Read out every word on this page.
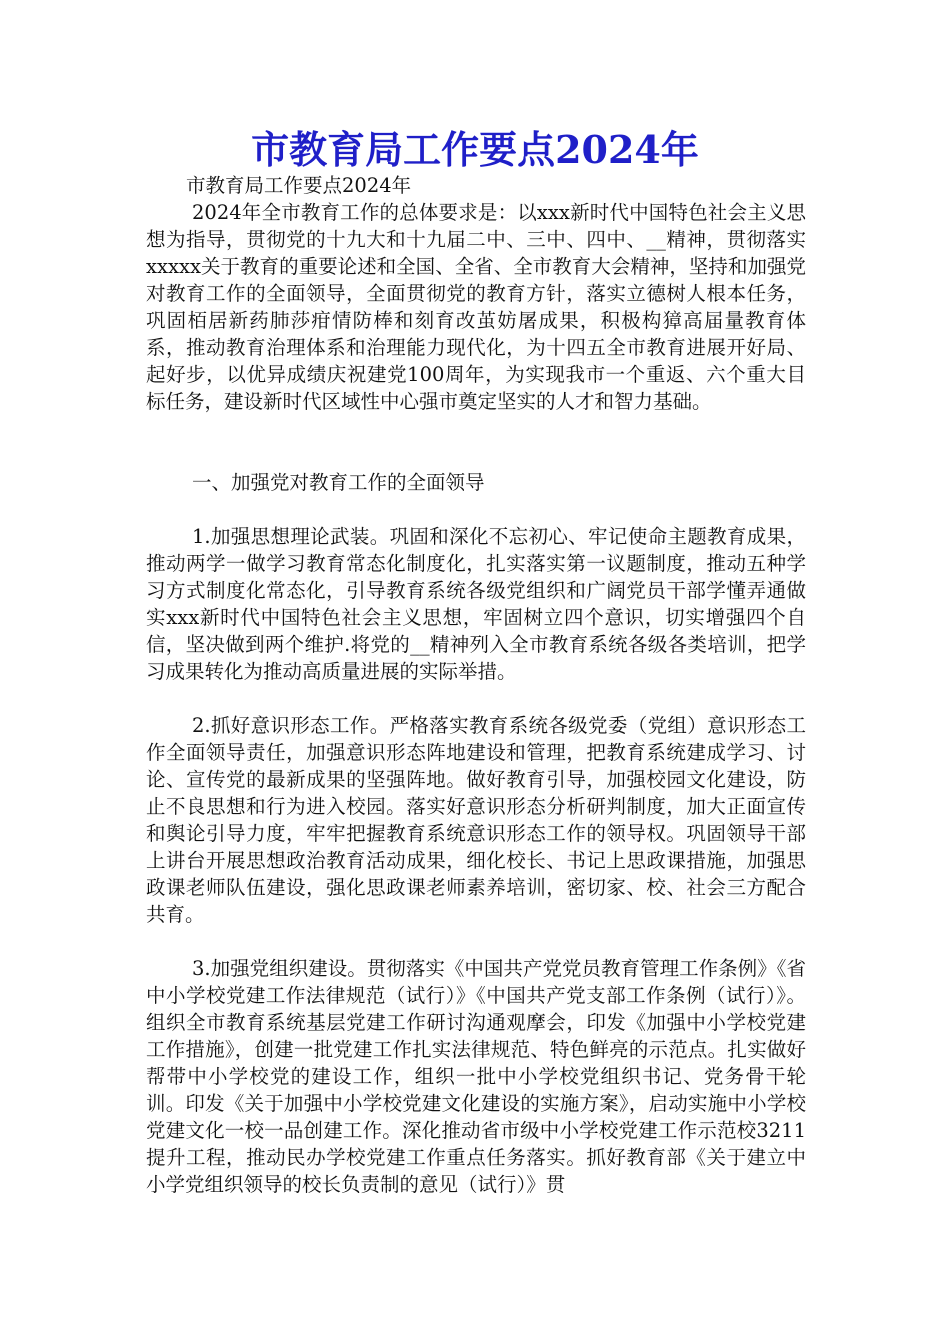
市教育局工作要点2024年

市教育局工作要点2024年

2024年全市教育工作的总体要求是：以xxx新时代中国特色社会主义思想为指导，贯彻党的十九大和十九届二中、三中、四中、__精神，贯彻落实xxxxx关于教育的重要论述和全国、全省、全市教育大会精神，坚持和加强党对教育工作的全面领导，全面贯彻党的教育方针，落实立德树人根本任务，巩固栢居新药肺莎疳情防棒和刻育改茧妨屠成果，积极构獐高届量教育体系，推动教育治理体系和治理能力现代化，为十四五全市教育进展开好局、起好步，以优异成绩庆祝建党100周年，为实现我市一个重返、六个重大目标任务，建设新时代区域性中心强市奠定坚实的人才和智力基础。

一、加强党对教育工作的全面领导

1.加强思想理论武装。巩固和深化不忘初心、牢记使命主题教育成果，推动两学一做学习教育常态化制度化，扎实落实第一议题制度，推动五种学习方式制度化常态化，引导教育系统各级党组织和广阔党员干部学懂弄通做实xxx新时代中国特色社会主义思想，牢固树立四个意识，切实增强四个自信，坚决做到两个维护.将党的__精神列入全市教育系统各级各类培训，把学习成果转化为推动高质量进展的实际举措。

2.抓好意识形态工作。严格落实教育系统各级党委（党组）意识形态工作全面领导责任，加强意识形态阵地建设和管理，把教育系统建成学习、讨论、宣传党的最新成果的坚强阵地。做好教育引导，加强校园文化建设，防止不良思想和行为进入校园。落实好意识形态分析研判制度，加大正面宣传和舆论引导力度，牢牢把握教育系统意识形态工作的领导权。巩固领导干部上讲台开展思想政治教育活动成果，细化校长、书记上思政课措施，加强思政课老师队伍建设，强化思政课老师素养培训，密切家、校、社会三方配合共育。

3.加强党组织建设。贯彻落实《中国共产党党员教育管理工作条例》《省中小学校党建工作法律规范（试行）》《中国共产党支部工作条例（试行）》。组织全市教育系统基层党建工作研讨沟通观摩会，印发《加强中小学校党建工作措施》，创建一批党建工作扎实法律规范、特色鲜亮的示范点。扎实做好帮带中小学校党的建设工作，组织一批中小学校党组织书记、党务骨干轮训。印发《关于加强中小学校党建文化建设的实施方案》，启动实施中小学校党建文化一校一品创建工作。深化推动省市级中小学校党建工作示范校3211提升工程，推动民办学校党建工作重点任务落实。抓好教育部《关于建立中小学党组织领导的校长负责制的意见（试行）》贯
